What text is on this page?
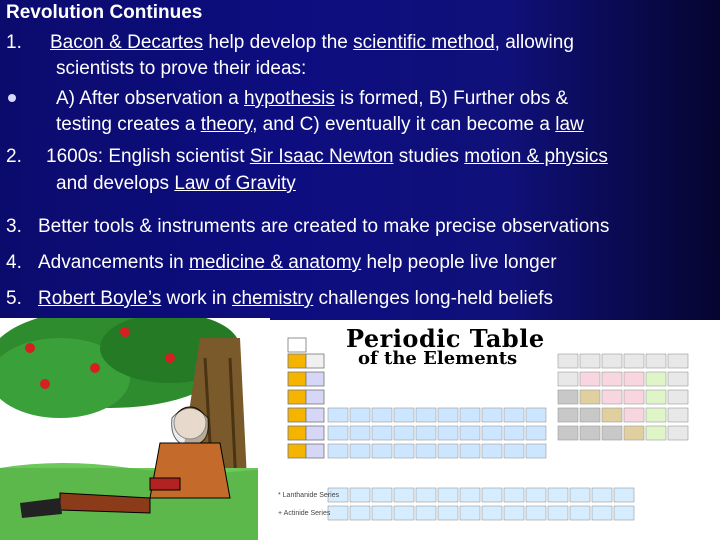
Revolution Continues
1. Bacon & Decartes help develop the scientific method, allowing
scientists to prove their ideas:
A) After observation a hypothesis is formed, B) Further obs &
testing creates a theory, and C) eventually it can become a law
2. 1600s: English scientist Sir Isaac Newton studies motion & physics
and develops Law of Gravity
3. Better tools & instruments are created to make precise observations
4. Advancements in medicine & anatomy help people live longer
5. Robert Boyle’s work in chemistry challenges long-held beliefs
Periodic Table
of the Elements
* Lanthanide Series
+ Actinide Series
